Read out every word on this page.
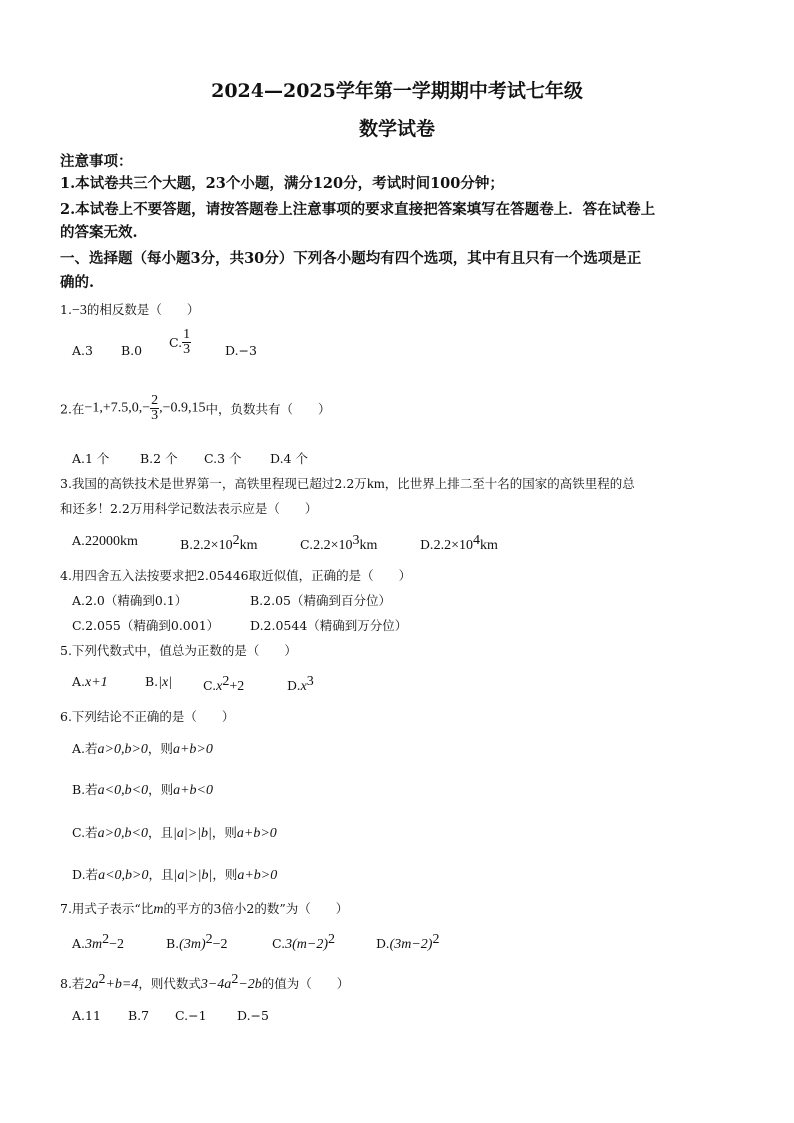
2024—2025学年第一学期期中考试七年级
数学试卷
注意事项：
1.本试卷共三个大题，23个小题，满分120分，考试时间100分钟；
2.本试卷上不要答题，请按答题卷上注意事项的要求直接把答案填写在答题卷上．答在试卷上
的答案无效.
一、选择题（每小题3分，共30分）下列各小题均有四个选项，其中有且只有一个选项是正
确的.
1.−3的相反数是（　　）
A.3 B.0
C. $\frac{1}{3}$	D.−3
2.在$-1,+7.5,0,- \frac{2}{3} ,-0.9,15$中，负数共有（　　）
A.1 个 B.2 个 C.3 个 D.4 个
3.我国的高铁技术是世界第一，高铁里程现已超过2.2万km，比世界上排二至十名的国家的高铁里程的总
和还多！2.2万用科学记数法表示应是（　　）
A.22000km	$B.2.2\times 10^2km$	$C.2.2\times 10^3km$	$D.2.2\times 10^4km$
4.用四舍五入法按要求把2.05446取近似值，正确的是（　　）
A.2.0（精确到0.1）	B.2.05（精确到百分位）
C.2.055（精确到0.001） D.2.0544（精确到万分位）
5.下列代数式中，值总为正数的是（　　）
A.x+1	B.|x| $C.x^2+2$	$D.x^3$
6.下列结论不正确的是（　　）
A.若a>0,b>0，则a+b>0
B.若a<0,b<0，则a+b<0
C.若a>0,b<0，且|a|>|b|，则a+b>0
D.若a<0,b>0，且|a|>|b|，则a+b>0
7.用式子表示“比m的平方的3倍小2的数”为（　　）
$A.3m^2-2$	$B.(3m)^2-2$	$C.3(m-2)^2$	$D.(3m-2)^2$
8.若$2a^2+b=4$，则代数式$3-4a^2-2b$的值为（　　）
A.11 B.7 C.−1 D.−5
